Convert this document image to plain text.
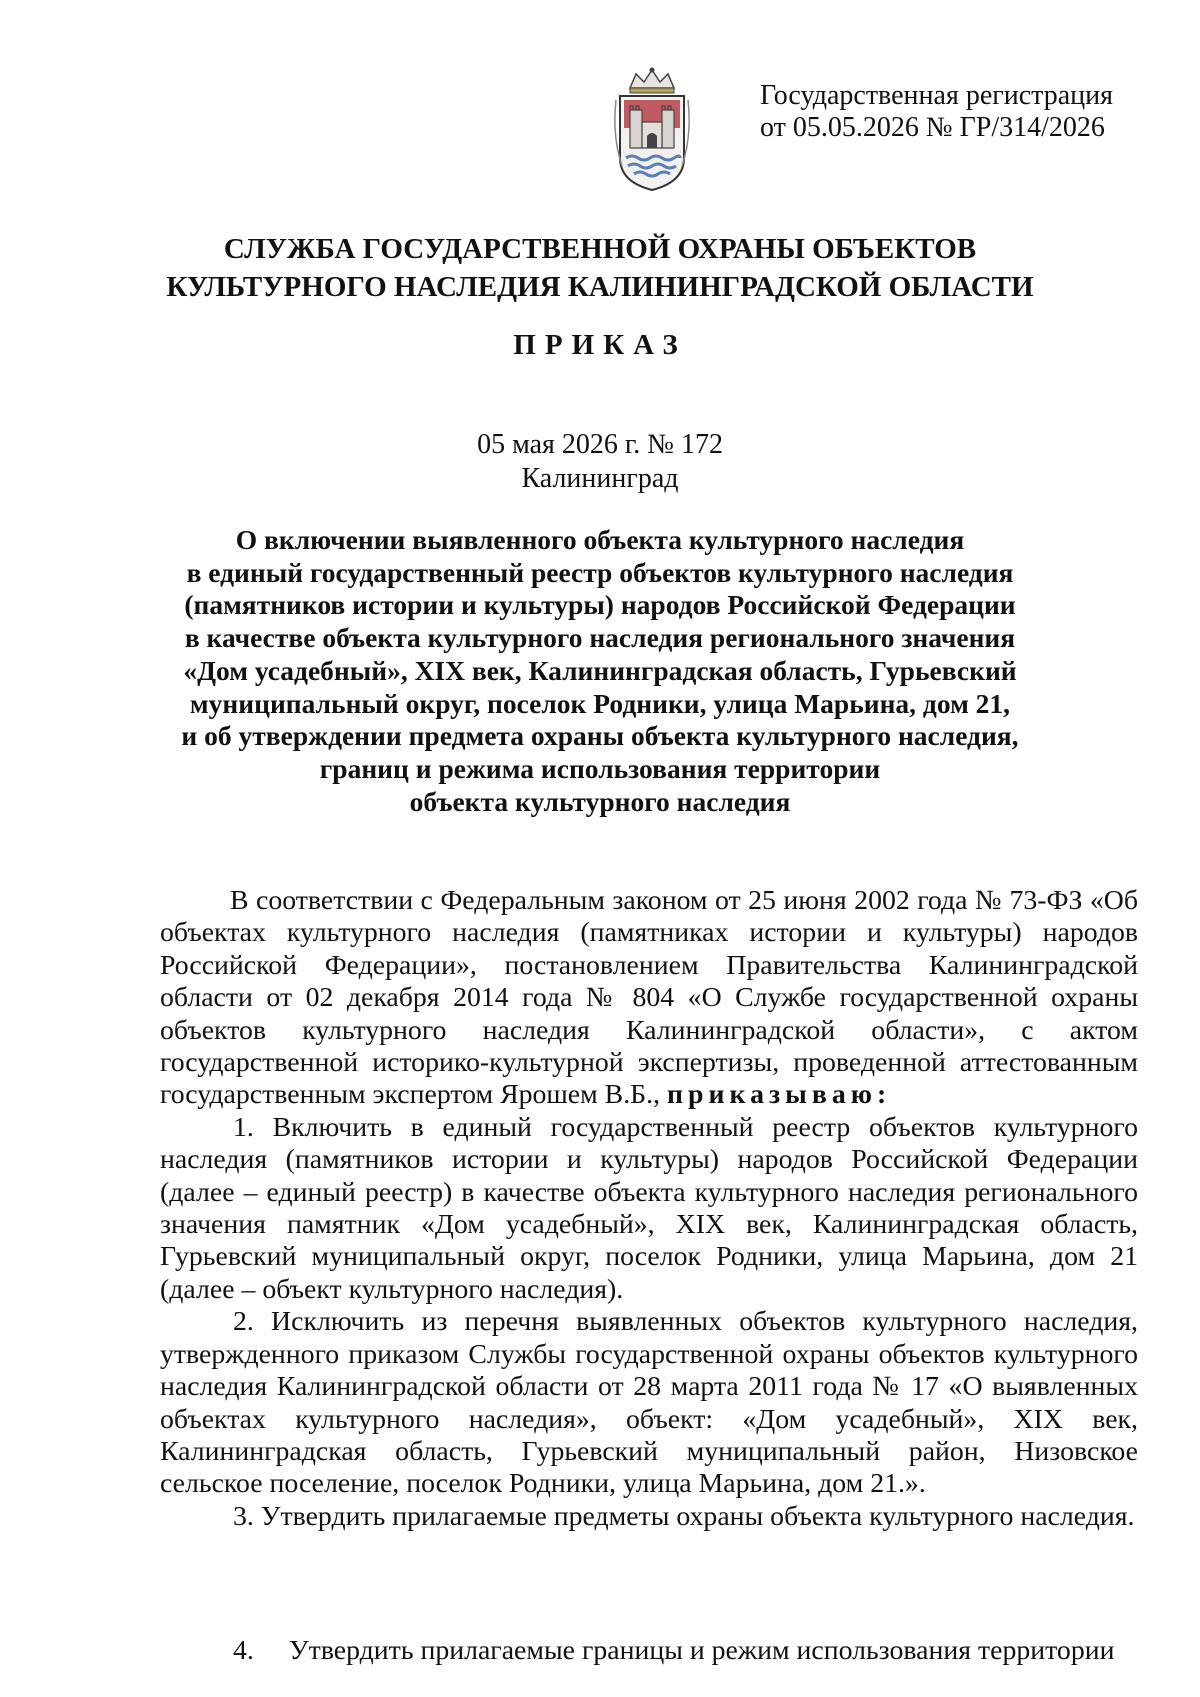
Государственная регистрация
от 05.05.2026 № ГР/314/2026
СЛУЖБА ГОСУДАРСТВЕННОЙ ОХРАНЫ ОБЪЕКТОВ
КУЛЬТУРНОГО НАСЛЕДИЯ КАЛИНИНГРАДСКОЙ ОБЛАСТИ
ПРИКАЗ
05 мая 2026 г. № 172
Калининград
О включении выявленного объекта культурного наследия
в единый государственный реестр объектов культурного наследия
(памятников истории и культуры) народов Российской Федерации
в качестве объекта культурного наследия регионального значения
«Дом усадебный», XIX век, Калининградская область, Гурьевский
муниципальный округ, поселок Родники, улица Марьина, дом 21,
и об утверждении предмета охраны объекта культурного наследия,
границ и режима использования территории
объекта культурного наследия

В соответствии с Федеральным законом от 25 июня 2002 года № 73-ФЗ «Об объектах культурного наследия (памятниках истории и культуры) народов Российской Федерации», постановлением Правительства Калининградской области от 02 декабря 2014 года № 804 «О Службе государственной охраны объектов культурного наследия Калининградской области», с актом государственной историко-культурной экспертизы, проведенной аттестованным государственным экспертом Ярошем В.Б., приказываю:

1. Включить в единый государственный реестр объектов культурного наследия (памятников истории и культуры) народов Российской Федерации (далее – единый реестр) в качестве объекта культурного наследия регионального значения памятник «Дом усадебный», XIX век, Калининградская область, Гурьевский муниципальный округ, поселок Родники, улица Марьина, дом 21 (далее – объект культурного наследия).

2. Исключить из перечня выявленных объектов культурного наследия, утвержденного приказом Службы государственной охраны объектов культурного наследия Калининградской области от 28 марта 2011 года № 17 «О выявленных объектах культурного наследия», объект: «Дом усадебный», XIX век, Калининградская область, Гурьевский муниципальный район, Низовское сельское поселение, поселок Родники, улица Марьина, дом 21.».

3. Утвердить прилагаемые предметы охраны объекта культурного наследия.

4. Утвердить прилагаемые границы и режим использования территории
